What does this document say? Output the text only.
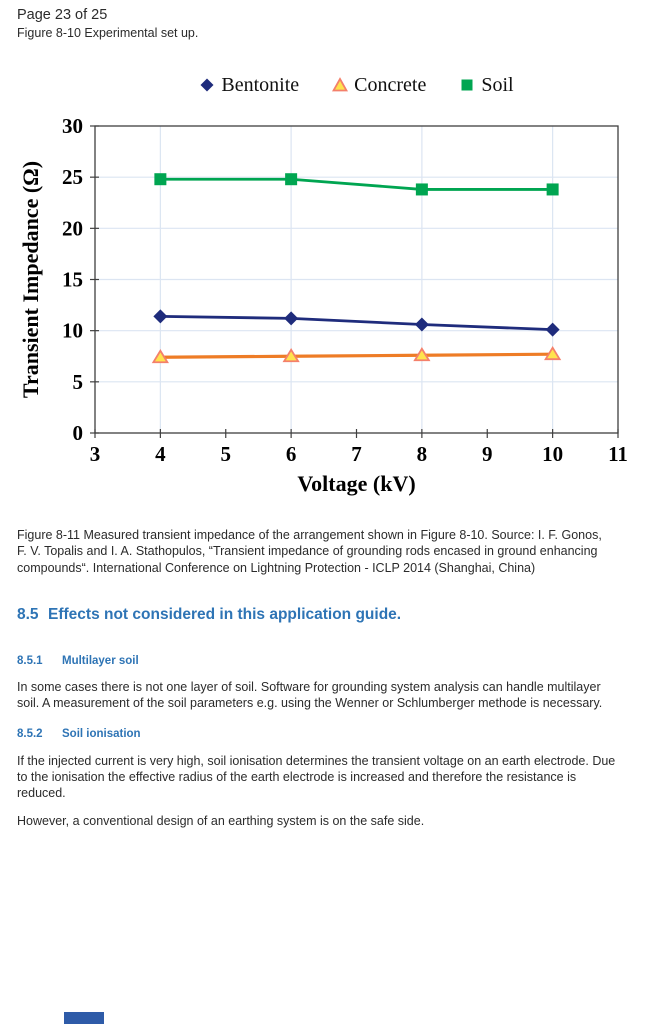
Page 23 of 25
Figure 8-10 Experimental set up.
Bentonite	Concrete	Soil
3	4	5	6	7	8	9 10 11
0
5
10
15
20
25
30
Voltage (kV)
Transient Impedance (Ω)

Figure 8-11 Measured transient impedance of the arrangement shown in Figure 8-10. Source: I. F. Gonos,
F. V. Topalis and I. A. Stathopulos, “Transient impedance of grounding rods encased in ground enhancing
compounds“. International Conference on Lightning Protection - ICLP 2014 (Shanghai, China)

8.5 Effects not considered in this application guide.
8.5.1 Multilayer soil

In some cases there is not one layer of soil. Software for grounding system analysis can handle multilayer
soil. A measurement of the soil parameters e.g. using the Wenner or Schlumberger methode is necessary.

8.5.2 Soil ionisation

If the injected current is very high, soil ionisation determines the transient voltage on an earth electrode. Due
to the ionisation the effective radius of the earth electrode is increased and therefore the resistance is
reduced.

However, a conventional design of an earthing system is on the safe side.
